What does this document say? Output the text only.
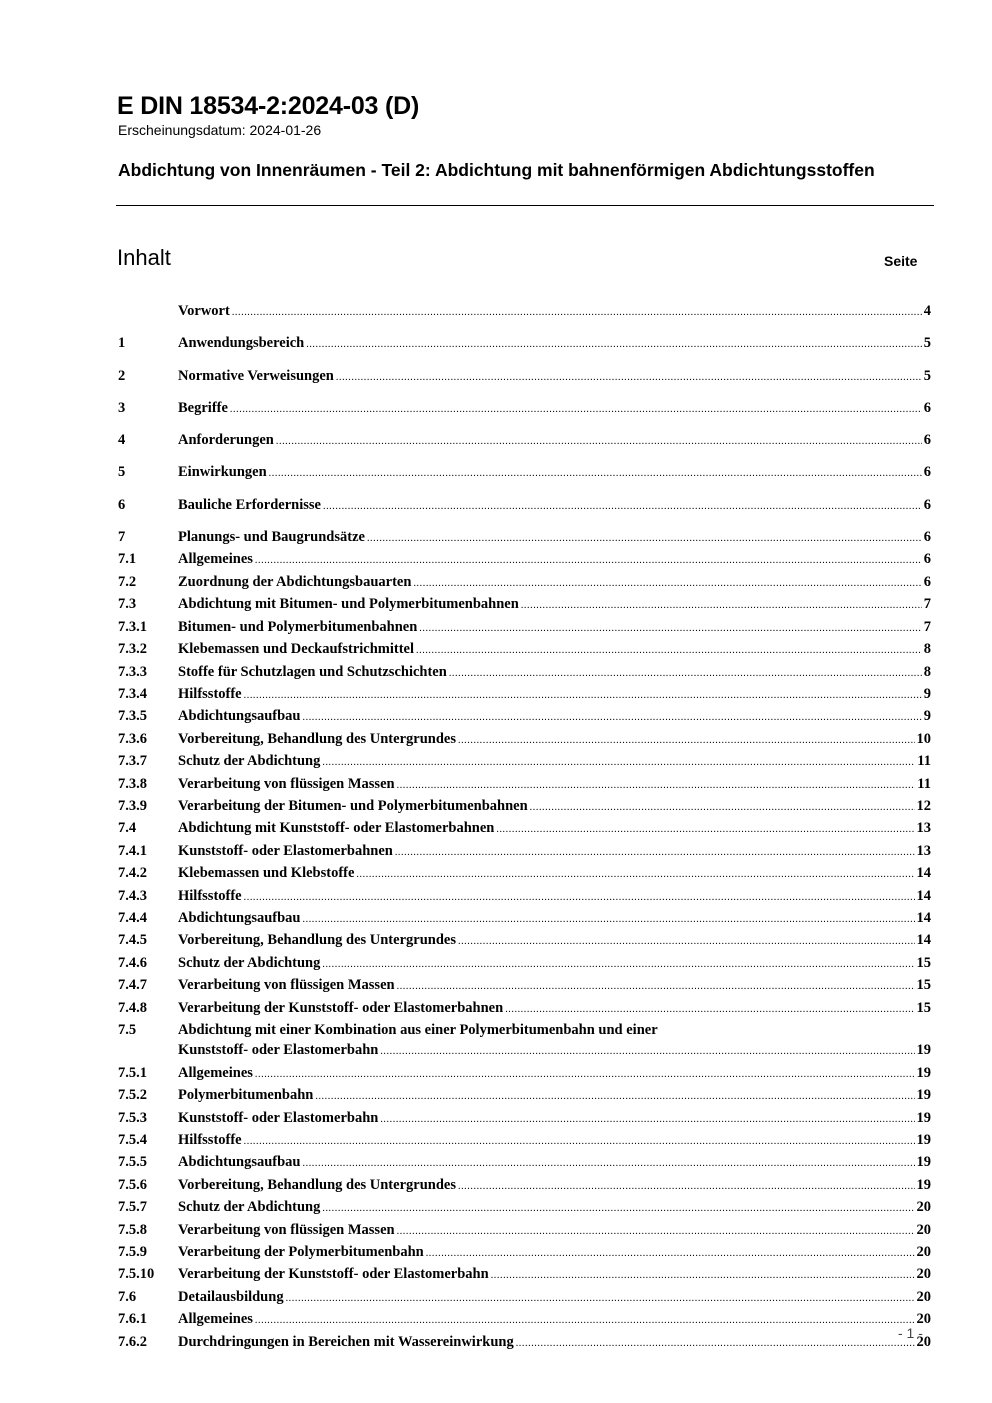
E DIN 18534-2:2024-03 (D)
Erscheinungsdatum: 2024-01-26
Abdichtung von Innenräumen - Teil 2: Abdichtung mit bahnenförmigen Abdichtungsstoffen
Inhalt	Seite
Vorwort .....	4
1	Anwendungsbereich .....	5
2	Normative Verweisungen .....	5
3	Begriffe .....	6
4	Anforderungen .....	6
5	Einwirkungen .....	6
6	Bauliche Erfordernisse .....	6
7	Planungs- und Baugrundsätze .....	6
7.1	Allgemeines .....	6
7.2	Zuordnung der Abdichtungsbauarten .....	6
7.3	Abdichtung mit Bitumen- und Polymerbitumenbahnen .....	7
7.3.1	Bitumen- und Polymerbitumenbahnen .....	7
7.3.2	Klebemassen und Deckaufstrichmittel .....	8
7.3.3	Stoffe für Schutzlagen und Schutzschichten .....	8
7.3.4	Hilfsstoffe .....	9
7.3.5	Abdichtungsaufbau .....	9
7.3.6	Vorbereitung, Behandlung des Untergrundes .....	10
7.3.7	Schutz der Abdichtung .....	11
7.3.8	Verarbeitung von flüssigen Massen .....	11
7.3.9	Verarbeitung der Bitumen- und Polymerbitumenbahnen .....	12
7.4	Abdichtung mit Kunststoff- oder Elastomerbahnen .....	13
7.4.1	Kunststoff- oder Elastomerbahnen .....	13
7.4.2	Klebemassen und Klebstoffe .....	14
7.4.3	Hilfsstoffe .....	14
7.4.4	Abdichtungsaufbau .....	14
7.4.5	Vorbereitung, Behandlung des Untergrundes .....	14
7.4.6	Schutz der Abdichtung .....	15
7.4.7	Verarbeitung von flüssigen Massen .....	15
7.4.8	Verarbeitung der Kunststoff- oder Elastomerbahnen .....	15
7.5	Abdichtung mit einer Kombination aus einer Polymerbitumenbahn und einer
Kunststoff- oder Elastomerbahn .....	19
7.5.1	Allgemeines .....	19
7.5.2	Polymerbitumenbahn .....	19
7.5.3	Kunststoff- oder Elastomerbahn .....	19
7.5.4	Hilfsstoffe .....	19
7.5.5	Abdichtungsaufbau .....	19
7.5.6	Vorbereitung, Behandlung des Untergrundes .....	19
7.5.7	Schutz der Abdichtung .....	20
7.5.8	Verarbeitung von flüssigen Massen .....	20
7.5.9	Verarbeitung der Polymerbitumenbahn .....	20
7.5.10	Verarbeitung der Kunststoff- oder Elastomerbahn .....	20
7.6	Detailausbildung .....	20
7.6.1	Allgemeines .....	20
7.6.2	Durchdringungen in Bereichen mit Wassereinwirkung .....	20
- 1 -
